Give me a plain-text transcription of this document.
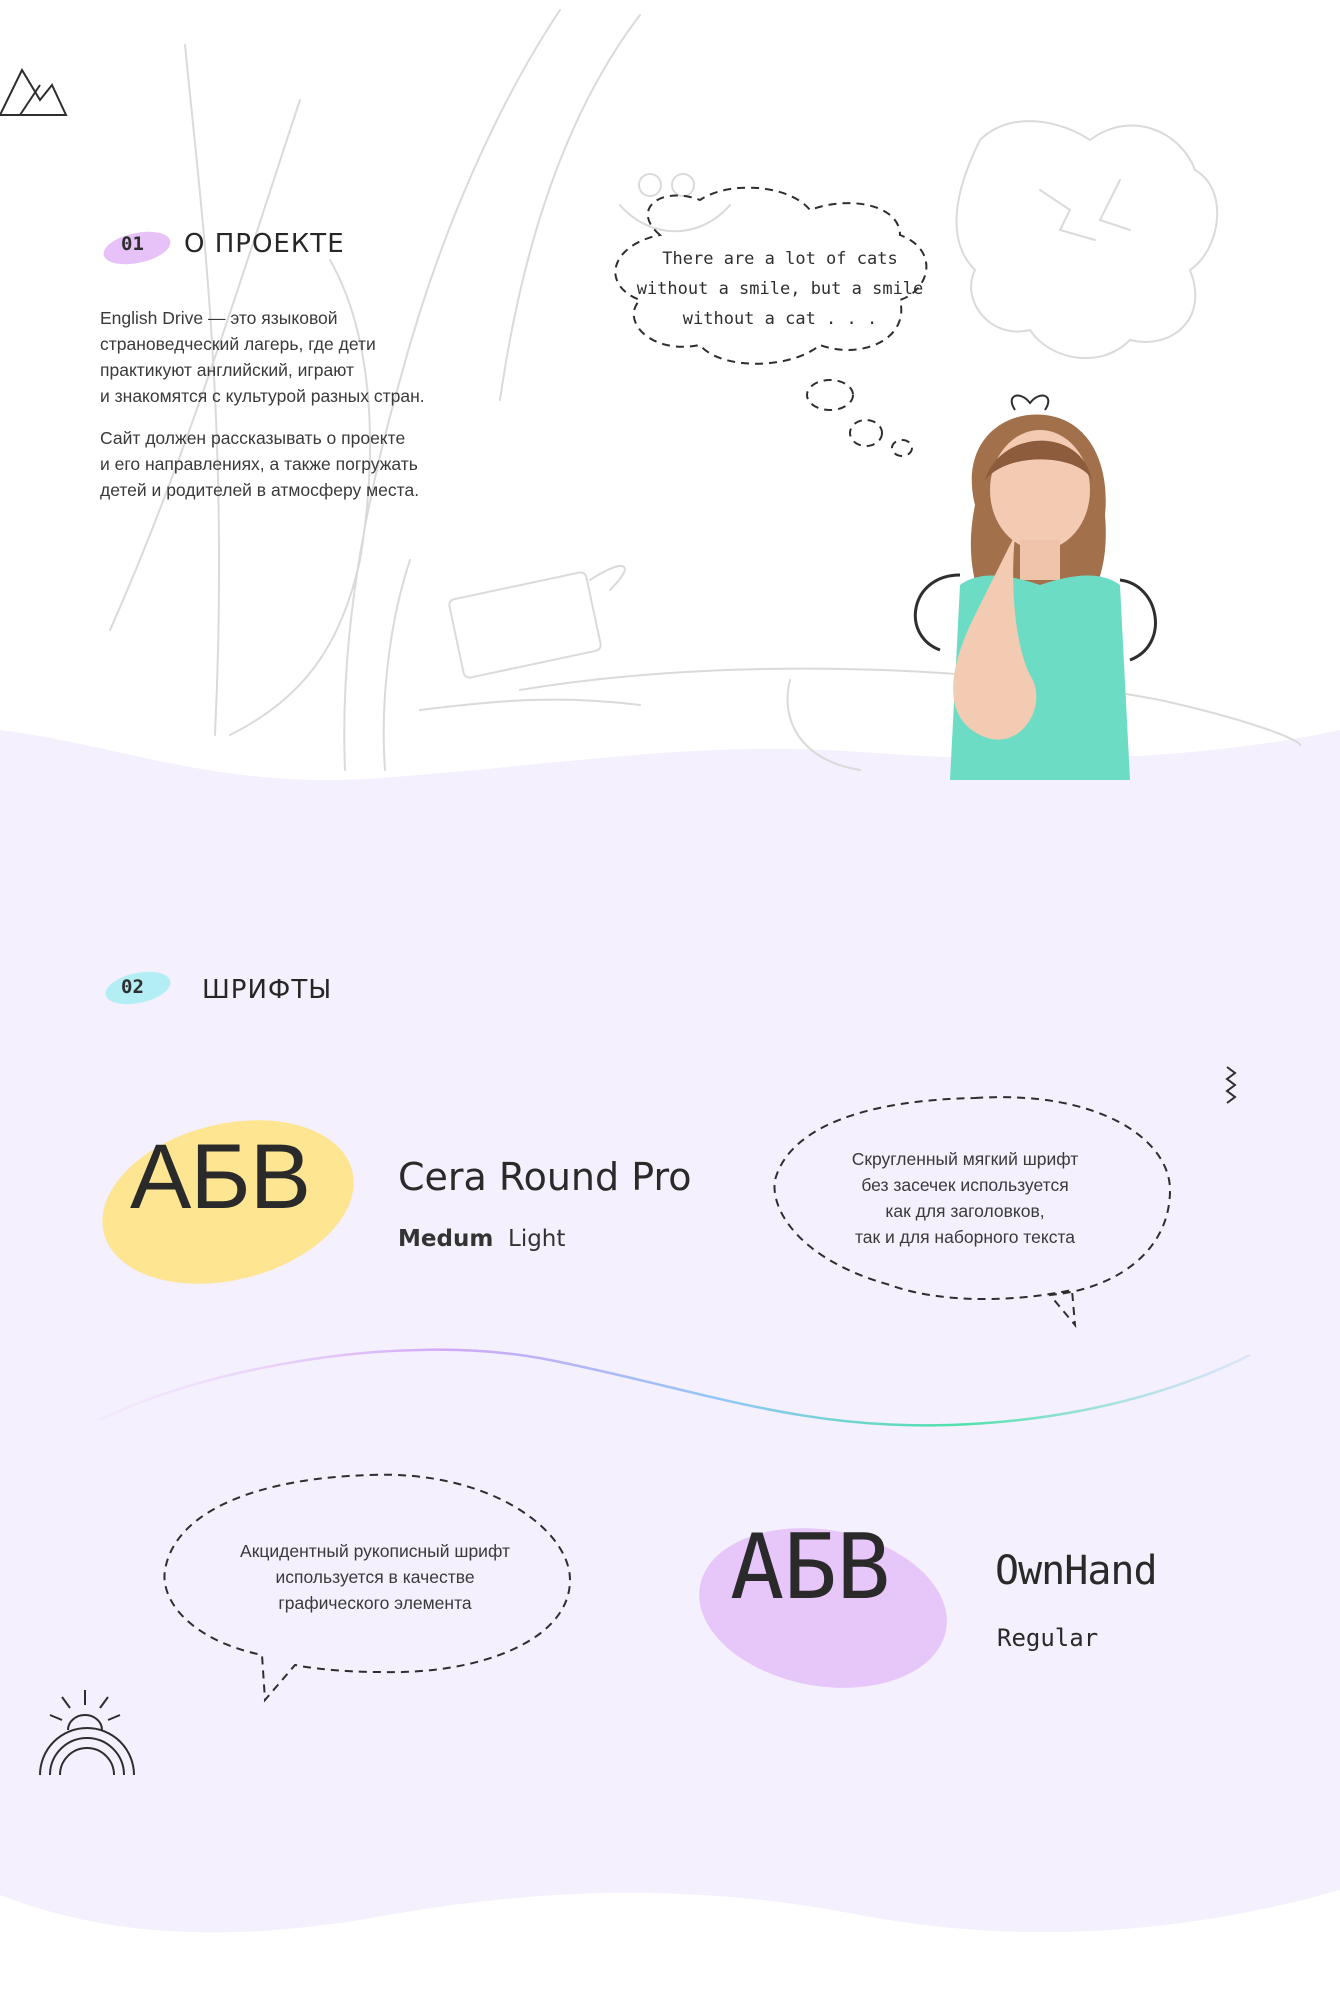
01 О ПРОЕКТЕ
English Drive — это языковой
страноведческий лагерь, где дети
практикуют английский, играют
и знакомятся с культурой разных стран.
Сайт должен рассказывать о проекте
и его направлениях, а также погружать
детей и родителей в атмосферу места.
There are a lot of cats
without a smile, but a smile
without a cat . . .
02 ШРИФТЫ
АБВ Cera Round Pro
Medum Light
Скругленный мягкий шрифт
без засечек используется
как для заголовков,
так и для наборного текста
Акцидентный рукописный шрифт
используется в качестве
графического элемента	АБВ	OwnHand
Regular
